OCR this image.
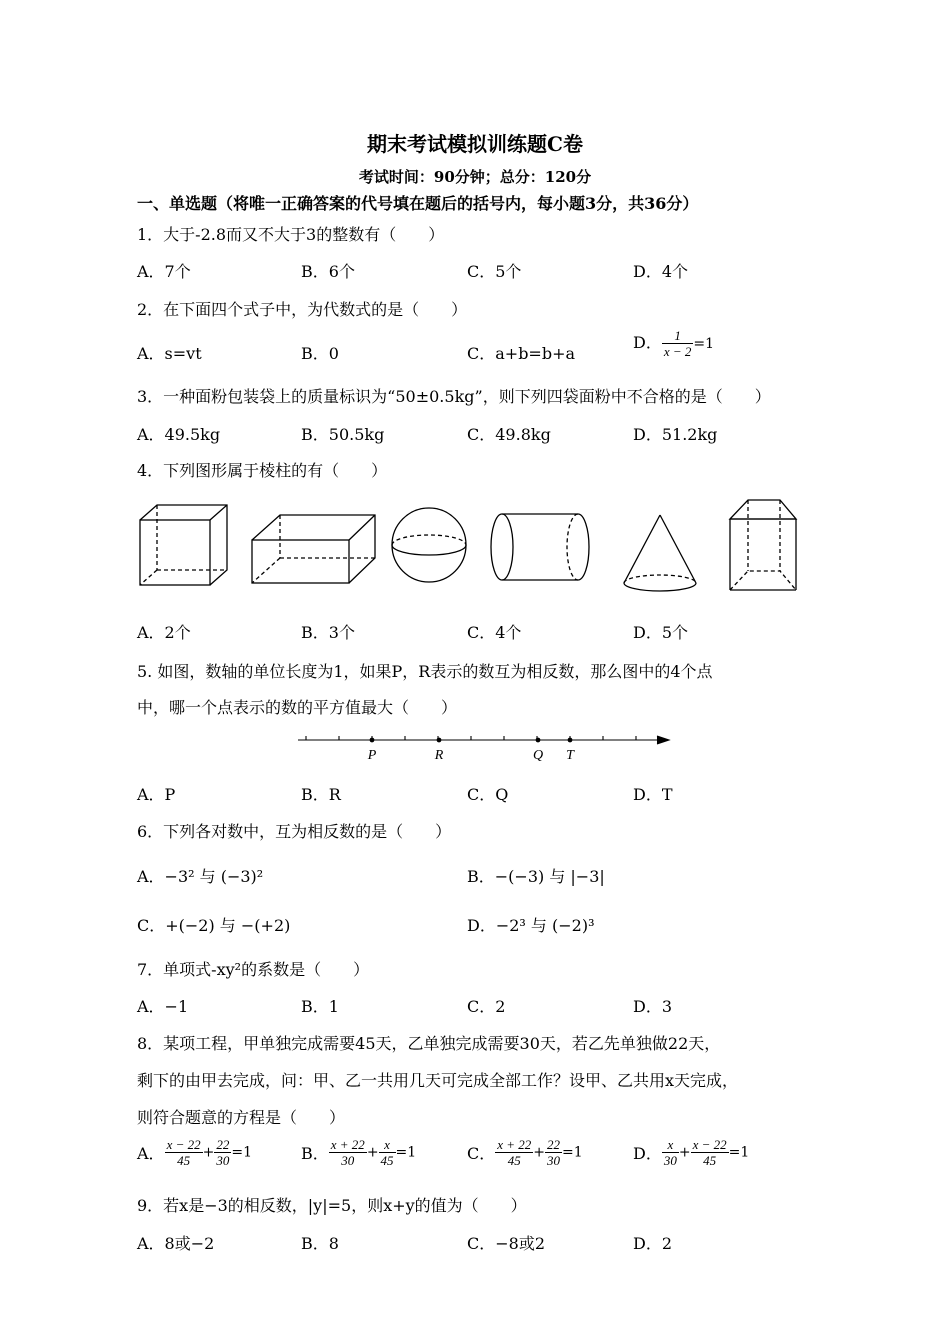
期末考试模拟训练题C卷
考试时间：90分钟；总分：120分
一、单选题（将唯一正确答案的代号填在题后的括号内，每小题3分，共36分）
1．大于-2.8而又不大于3的整数有（　　）
A．7个	B．6个	C．5个	D．4个
2．在下面四个式子中，为代数式的是（　　）
A．s=vt	B．0	C．a+b=b+a
D． $\frac{1}{x - 2} =1$
3．一种面粉包装袋上的质量标识为“50±0.5kg”，则下列四袋面粉中不合格的是（　　）
A．49.5kg	B．50.5kg	C．49.8kg	D．51.2kg
4．下列图形属于棱柱的有（　　）
A．2个	B．3个	C．4个	D．5个
5. 如图，数轴的单位长度为1，如果P，R表示的数互为相反数，那么图中的4个点
中，哪一个点表示的数的平方值最大（　　）
P	R	Q T
A．P	B．R	C．Q	D．T
6．下列各对数中，互为相反数的是（　　）
A．−3² 与 (−3)²	B．−(−3) 与 |−3|
C．+(−2) 与 −(+2)	D．−2³ 与 (−2)³
7．单项式-xy²的系数是（　　）
A．−1	B．1	C．2	D．3
8．某项工程，甲单独完成需要45天，乙单独完成需要30天，若乙先单独做22天，
剩下的由甲去完成，问：甲、乙一共用几天可完成全部工作？设甲、乙共用x天完成，
则符合题意的方程是（　　）
A． $\frac{x - 22}{45} + \frac{22}{30} =1$	B． $\frac{x + 22}{30} + \frac{x}{45} =1$	C． $\frac{x + 22}{45} + \frac{22}{30} =1$	D． $\frac{x}{30} + \frac{x - 22}{45} =1$
9．若x是−3的相反数，|y|=5，则x+y的值为（　　）
A．8或−2	B．8	C．−8或2	D．2
